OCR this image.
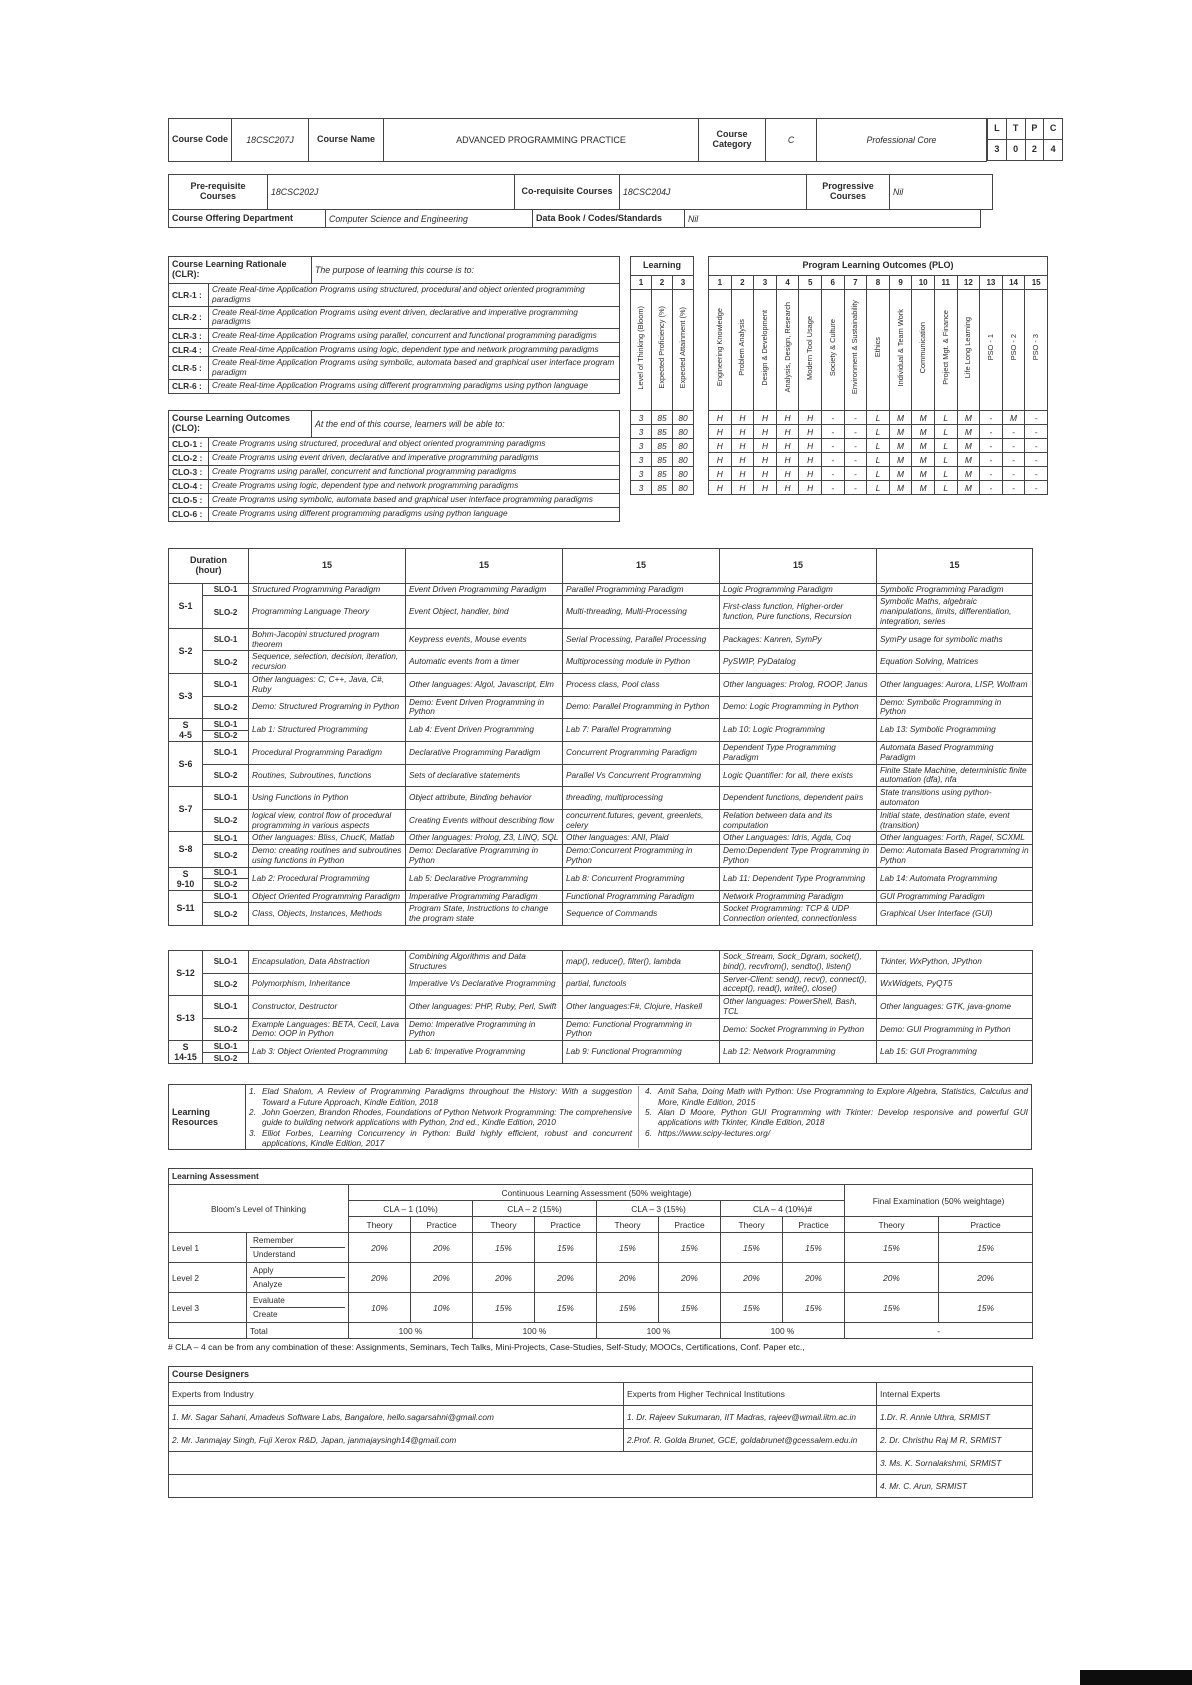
Course Code	18CSC207J	Course Name	ADVANCED PROGRAMMING PRACTICE	Course Category	C	Professional Core
L	T	P	C
3	0	2	4
Pre-requisite Courses	18CSC202J	Co-requisite Courses	18CSC204J	Progressive Courses	Nil
Course Offering Department	Computer Science and Engineering	Data Book / Codes/Standards	Nil
Course Learning Rationale (CLR):	The purpose of learning this course is to:
CLR-1 :	Create Real-time Application Programs using structured, procedural and object oriented programming paradigms
CLR-2 :	Create Real-time Application Programs using event driven, declarative and imperative programming paradigms
CLR-3 :	Create Real-time Application Programs using parallel, concurrent and functional programming paradigms
CLR-4 :	Create Real-time Application Programs using logic, dependent type and network programming paradigms
CLR-5 :	Create Real-time Application Programs using symbolic, automata based and graphical user interface program paradigm
CLR-6 :	Create Real-time Application Programs using different programming paradigms using python language
Course Learning Outcomes (CLO):	At the end of this course, learners will be able to:
CLO-1 :	Create Programs using structured, procedural and object oriented programming paradigms
CLO-2 :	Create Programs using event driven, declarative and imperative programming paradigms
CLO-3 :	Create Programs using parallel, concurrent and functional programming paradigms
CLO-4 :	Create Programs using logic, dependent type and network programming paradigms
CLO-5 :	Create Programs using symbolic, automata based and graphical user interface programming paradigms
CLO-6 :	Create Programs using different programming paradigms using python language
Learning		
1	2	3
Level of Thinking (Bloom)	Expected Proficiency (%)	Expected Attainment (%)
3	85	80
3	85	80
3	85	80
3	85	80
3	85	80
3	85	80
Program Learning Outcomes (PLO)														
1	2	3	4	5	6	7	8	9	10	11	12	13	14	15
Engineering Knowledge	Problem Analysis	Design & Development	Analysis, Design, Research	Modern Tool Usage	Society & Culture	Environment & Sustainability	Ethics	Individual & Team Work	Communication	Project Mgt. & Finance	Life Long Learning	PSO - 1	PSO - 2	PSO - 3
H	H	H	H	H	-	-	L	M	M	L	M	-	M	-
H	H	H	H	H	-	-	L	M	M	L	M	-	-	-
H	H	H	H	H	-	-	L	M	M	L	M	-	-	-
H	H	H	H	H	-	-	L	M	M	L	M	-	-	-
H	H	H	H	H	-	-	L	M	M	L	M	-	-	-
H	H	H	H	H	-	-	L	M	M	L	M	-	-	-
Duration
(hour)		15	15	15	15	15
S-1	SLO-1	Structured Programming Paradigm	Event Driven Programming Paradigm	Parallel Programming Paradigm	Logic Programming Paradigm	Symbolic Programming Paradigm
	SLO-2	Programming Language Theory	Event Object, handler, bind	Multi-threading, Multi-Processing	First-class function, Higher-order function, Pure functions, Recursion	Symbolic Maths, algebraic manipulations, limits, differentiation, integration, series
S-2	SLO-1	Bohm-Jacopini structured program theorem	Keypress events, Mouse events	Serial Processing, Parallel Processing	Packages: Kanren, SymPy	SymPy usage for symbolic maths
	SLO-2	Sequence, selection, decision, iteration, recursion	Automatic events from a timer	Multiprocessing module in Python	PySWIP, PyDatalog	Equation Solving, Matrices
S-3	SLO-1	Other languages: C, C++, Java, C#, Ruby	Other languages: Algol, Javascript, Elm	Process class, Pool class	Other languages: Prolog, ROOP, Janus	Other languages: Aurora, LISP, Wolfram
	SLO-2	Demo: Structured Programing in Python	Demo: Event Driven Programming in Python	Demo: Parallel Programming in Python	Demo: Logic Programming in Python	Demo: Symbolic Programming in Python
S
4-5	SLO-1	Lab 1: Structured Programming	Lab 4: Event Driven Programming	Lab 7: Parallel Programming	Lab 10: Logic Programming	Lab 13: Symbolic Programming
	SLO-2					
S-6	SLO-1	Procedural Programming Paradigm	Declarative Programming Paradigm	Concurrent Programming Paradigm	Dependent Type Programming Paradigm	Automata Based Programming Paradigm
	SLO-2	Routines, Subroutines, functions	Sets of declarative statements	Parallel Vs Concurrent Programming	Logic Quantifier: for all, there exists	Finite State Machine, deterministic finite automation (dfa), nfa
S-7	SLO-1	Using Functions in Python	Object attribute, Binding behavior	threading, multiprocessing	Dependent functions, dependent pairs	State transitions using python-automaton
	SLO-2	logical view, control flow of procedural programming in various aspects	Creating Events without describing flow	concurrent.futures, gevent, greenlets, celery	Relation between data and its computation	Initial state, destination state, event (transition)
S-8	SLO-1	Other languages: Bliss, ChucK, Matlab	Other languages: Prolog, Z3, LINQ, SQL	Other languages: ANI, Plaid	Other Languages: Idris, Agda, Coq	Other languages: Forth, Ragel, SCXML
	SLO-2	Demo: creating routines and subroutines using functions in Python	Demo: Declarative Programming in Python	Demo:Concurrent Programming in Python	Demo:Dependent Type Programming in Python	Demo: Automata Based Programming in Python
S
9-10	SLO-1	Lab 2: Procedural Programming	Lab 5: Declarative Programming	Lab 8: Concurrent Programming	Lab 11: Dependent Type Programming	Lab 14: Automata Programming
	SLO-2					
S-11	SLO-1	Object Oriented Programming Paradigm	Imperative Programming Paradigm	Functional Programming Paradigm	Network Programming Paradigm	GUI Programming Paradigm
	SLO-2	Class, Objects, Instances, Methods	Program State, Instructions to change the program state	Sequence of Commands	Socket Programming: TCP & UDP Connection oriented, connectionless	Graphical User Interface (GUI)
S-12	SLO-1	Encapsulation, Data Abstraction	Combining Algorithms and Data Structures	map(), reduce(), filter(), lambda	Sock_Stream, Sock_Dgram, socket(), bind(), recvfrom(), sendto(), listen()	Tkinter, WxPython, JPython
	SLO-2	Polymorphism, Inheritance	Imperative Vs Declarative Programming	partial, functools	Server-Client: send(), recv(), connect(), accept(), read(), write(), close()	WxWidgets, PyQT5
S-13	SLO-1	Constructor, Destructor	Other languages: PHP, Ruby, Perl, Swift	Other languages:F#, Clojure, Haskell	Other languages: PowerShell, Bash, TCL	Other languages: GTK, java-gnome
	SLO-2	Example Languages: BETA, Cecil, Lava Demo: OOP in Python	Demo: Imperative Programming in Python	Demo: Functional Programming in Python	Demo: Socket Programming in Python	Demo: GUI Programming in Python
S
14-15	SLO-1	Lab 3: Object Oriented Programming	Lab 6: Imperative Programming	Lab 9: Functional Programming	Lab 12: Network Programming	Lab 15: GUI Programming
	SLO-2					
Learning Resources	
1. Elad Shalom, A Review of Programming Paradigms throughout the History: With a suggestion Toward a Future Approach, Kindle Edition, 2018
2. John Goerzen, Brandon Rhodes, Foundations of Python Network Programming: The comprehensive guide to building network applications with Python, 2nd ed., Kindle Edition, 2010
3. Elliot Forbes, Learning Concurrency in Python: Build highly efficient, robust and concurrent applications, Kindle Edition, 2017
4. Amit Saha, Doing Math with Python: Use Programming to Explore Algebra, Statistics, Calculus and More, Kindle Edition, 2015
5. Alan D Moore, Python GUI Programming with Tkinter: Develop responsive and powerful GUI applications with Tkinter, Kindle Edition, 2018
6. https://www.scipy-lectures.org/
Learning Assessment											
Bloom's Level of Thinking		Continuous Learning Assessment (50% weightage)								Final Examination (50% weightage)	
		CLA – 1 (10%)		CLA – 2 (15%)		CLA – 3 (15%)		CLA – 4 (10%)#			
		Theory	Practice	Theory	Practice	Theory	Practice	Theory	Practice	Theory	Practice
Level 1	Remember
Understand	20%	20%	15%	15%	15%	15%	15%	15%	15%	15%
Level 2	Apply
Analyze	20%	20%	20%	20%	20%	20%	20%	20%	20%	20%
Level 3	Evaluate
Create	10%	10%	15%	15%	15%	15%	15%	15%	15%	15%
	Total	100 %		100 %		100 %		100 %		-	
# CLA – 4 can be from any combination of these: Assignments, Seminars, Tech Talks, Mini-Projects, Case-Studies, Self-Study, MOOCs, Certifications, Conf. Paper etc.,
Course Designers		
Experts from Industry	Experts from Higher Technical Institutions	Internal Experts
1. Mr. Sagar Sahani, Amadeus Software Labs, Bangalore, hello.sagarsahni@gmail.com	1. Dr. Rajeev Sukumaran, IIT Madras, rajeev@wmail.iitm.ac.in	1.Dr. R. Annie Uthra, SRMIST
2. Mr. Janmajay Singh, Fuji Xerox R&D, Japan, janmajaysingh14@gmail.com	2.Prof. R. Golda Brunet, GCE, goldabrunet@gcessalem.edu.in	2. Dr. Christhu Raj M R, SRMIST
		3. Ms. K. Sornalakshmi, SRMIST
		4. Mr. C. Arun, SRMIST
